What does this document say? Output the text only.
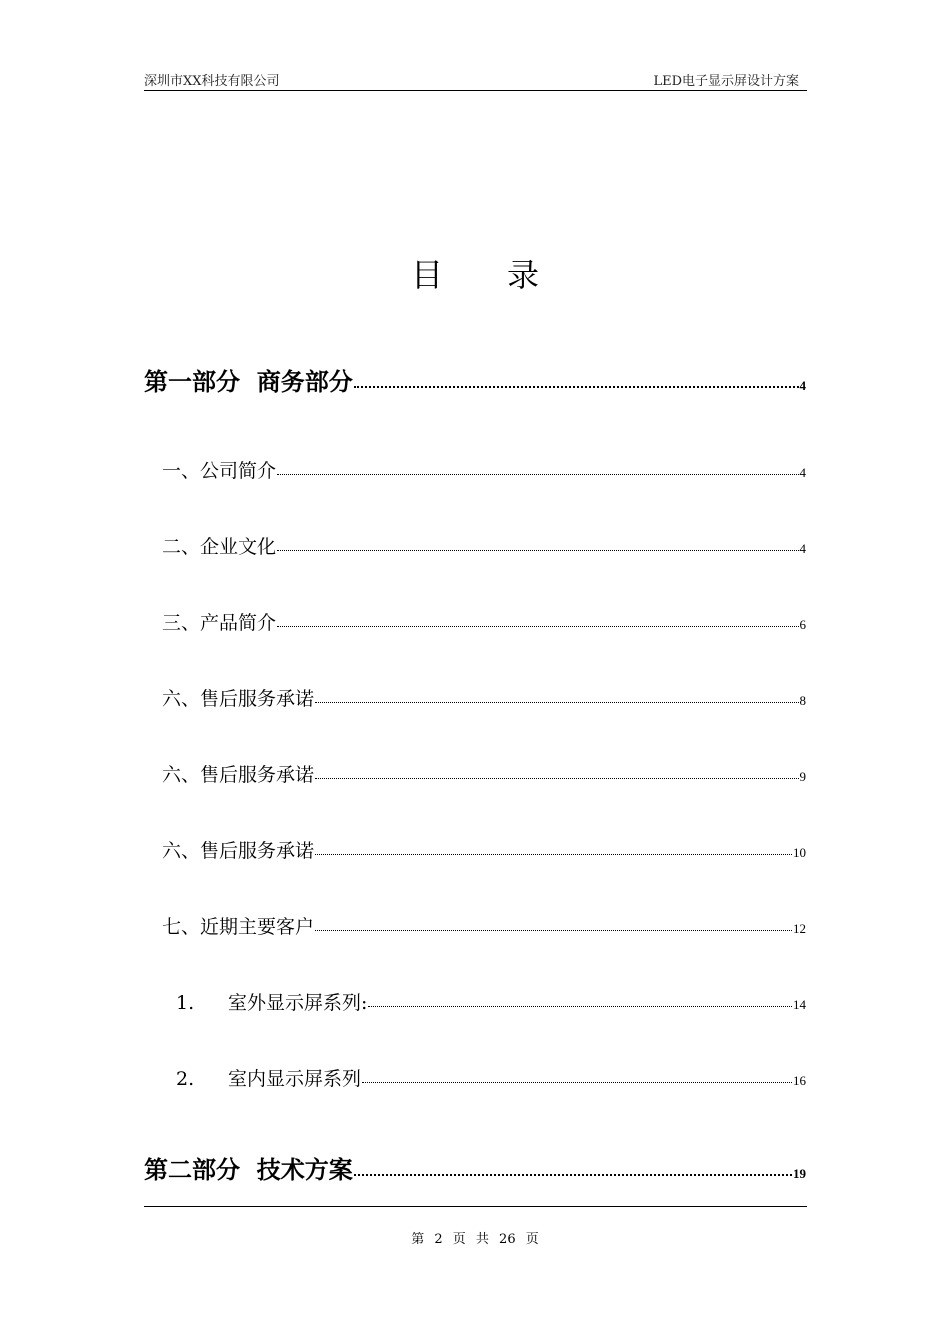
深圳市XX科技有限公司	LED电子显示屏设计方案
目录
第一部分  商务部分	4
一、公司简介	4
二、企业文化	4
三、产品简介	6
六、售后服务承诺	8
六、售后服务承诺	9
六、售后服务承诺	10
七、近期主要客户	12
1.	室外显示屏系列:	14
2.	室内显示屏系列	16
第二部分  技术方案	19
第 2 页 共 26 页
